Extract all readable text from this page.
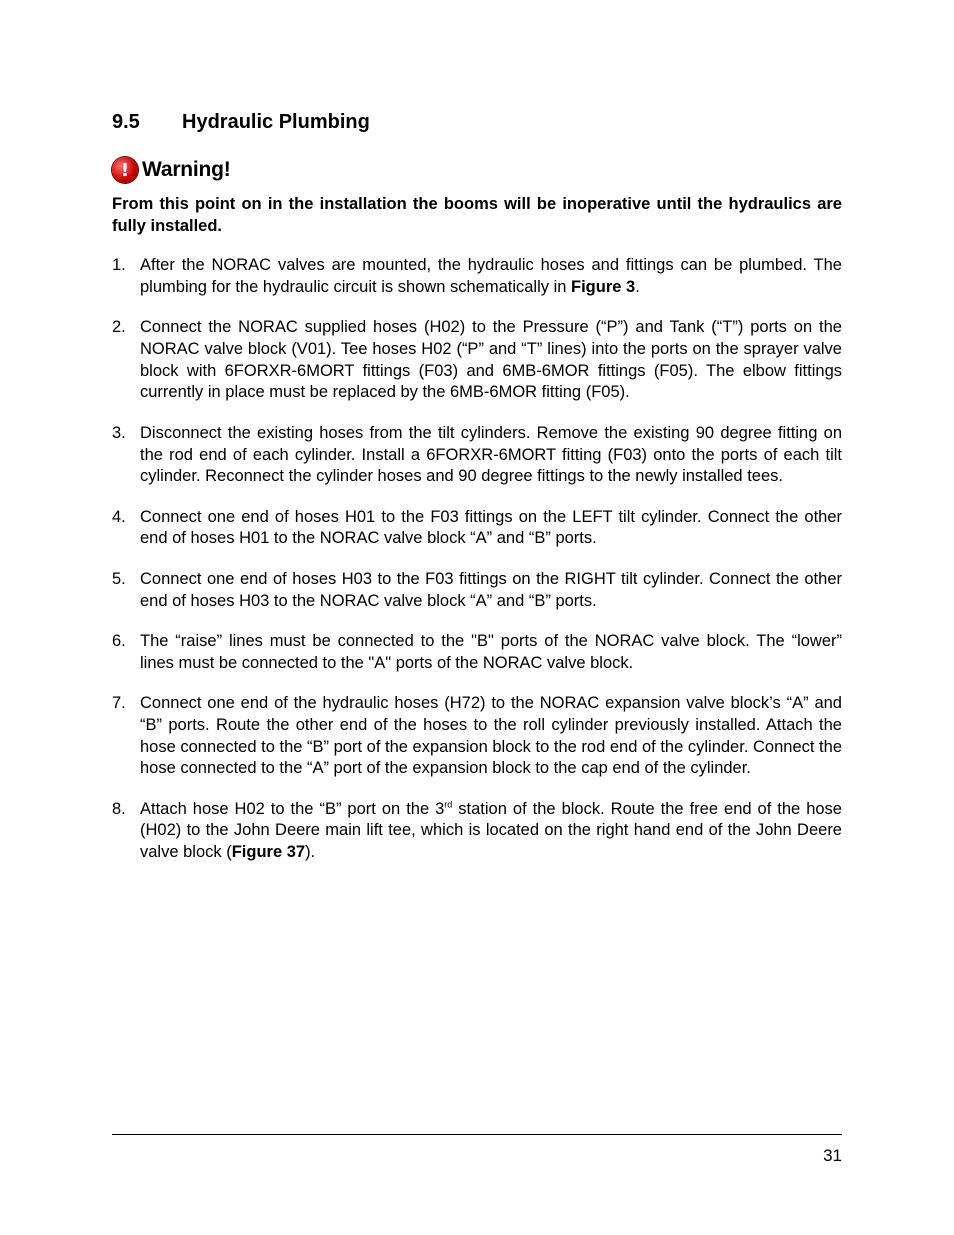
9.5 Hydraulic Plumbing
! Warning!
From this point on in the installation the booms will be inoperative until the hydraulics are fully installed.
1. After the NORAC valves are mounted, the hydraulic hoses and fittings can be plumbed. The plumbing for the hydraulic circuit is shown schematically in Figure 3.
2. Connect the NORAC supplied hoses (H02) to the Pressure (“P”) and Tank (“T”) ports on the NORAC valve block (V01). Tee hoses H02 (“P” and “T” lines) into the ports on the sprayer valve block with 6FORXR-6MORT fittings (F03) and 6MB-6MOR fittings (F05). The elbow fittings currently in place must be replaced by the 6MB-6MOR fitting (F05).
3. Disconnect the existing hoses from the tilt cylinders. Remove the existing 90 degree fitting on the rod end of each cylinder. Install a 6FORXR-6MORT fitting (F03) onto the ports of each tilt cylinder. Reconnect the cylinder hoses and 90 degree fittings to the newly installed tees.
4. Connect one end of hoses H01 to the F03 fittings on the LEFT tilt cylinder. Connect the other end of hoses H01 to the NORAC valve block “A” and “B” ports.
5. Connect one end of hoses H03 to the F03 fittings on the RIGHT tilt cylinder. Connect the other end of hoses H03 to the NORAC valve block “A” and “B” ports.
6. The “raise” lines must be connected to the "B" ports of the NORAC valve block. The “lower” lines must be connected to the "A" ports of the NORAC valve block.
7. Connect one end of the hydraulic hoses (H72) to the NORAC expansion valve block’s “A” and “B” ports. Route the other end of the hoses to the roll cylinder previously installed. Attach the hose connected to the “B” port of the expansion block to the rod end of the cylinder. Connect the hose connected to the “A” port of the expansion block to the cap end of the cylinder.
8. Attach hose H02 to the “B” port on the 3rd station of the block. Route the free end of the hose (H02) to the John Deere main lift tee, which is located on the right hand end of the John Deere valve block (Figure 37).
31
